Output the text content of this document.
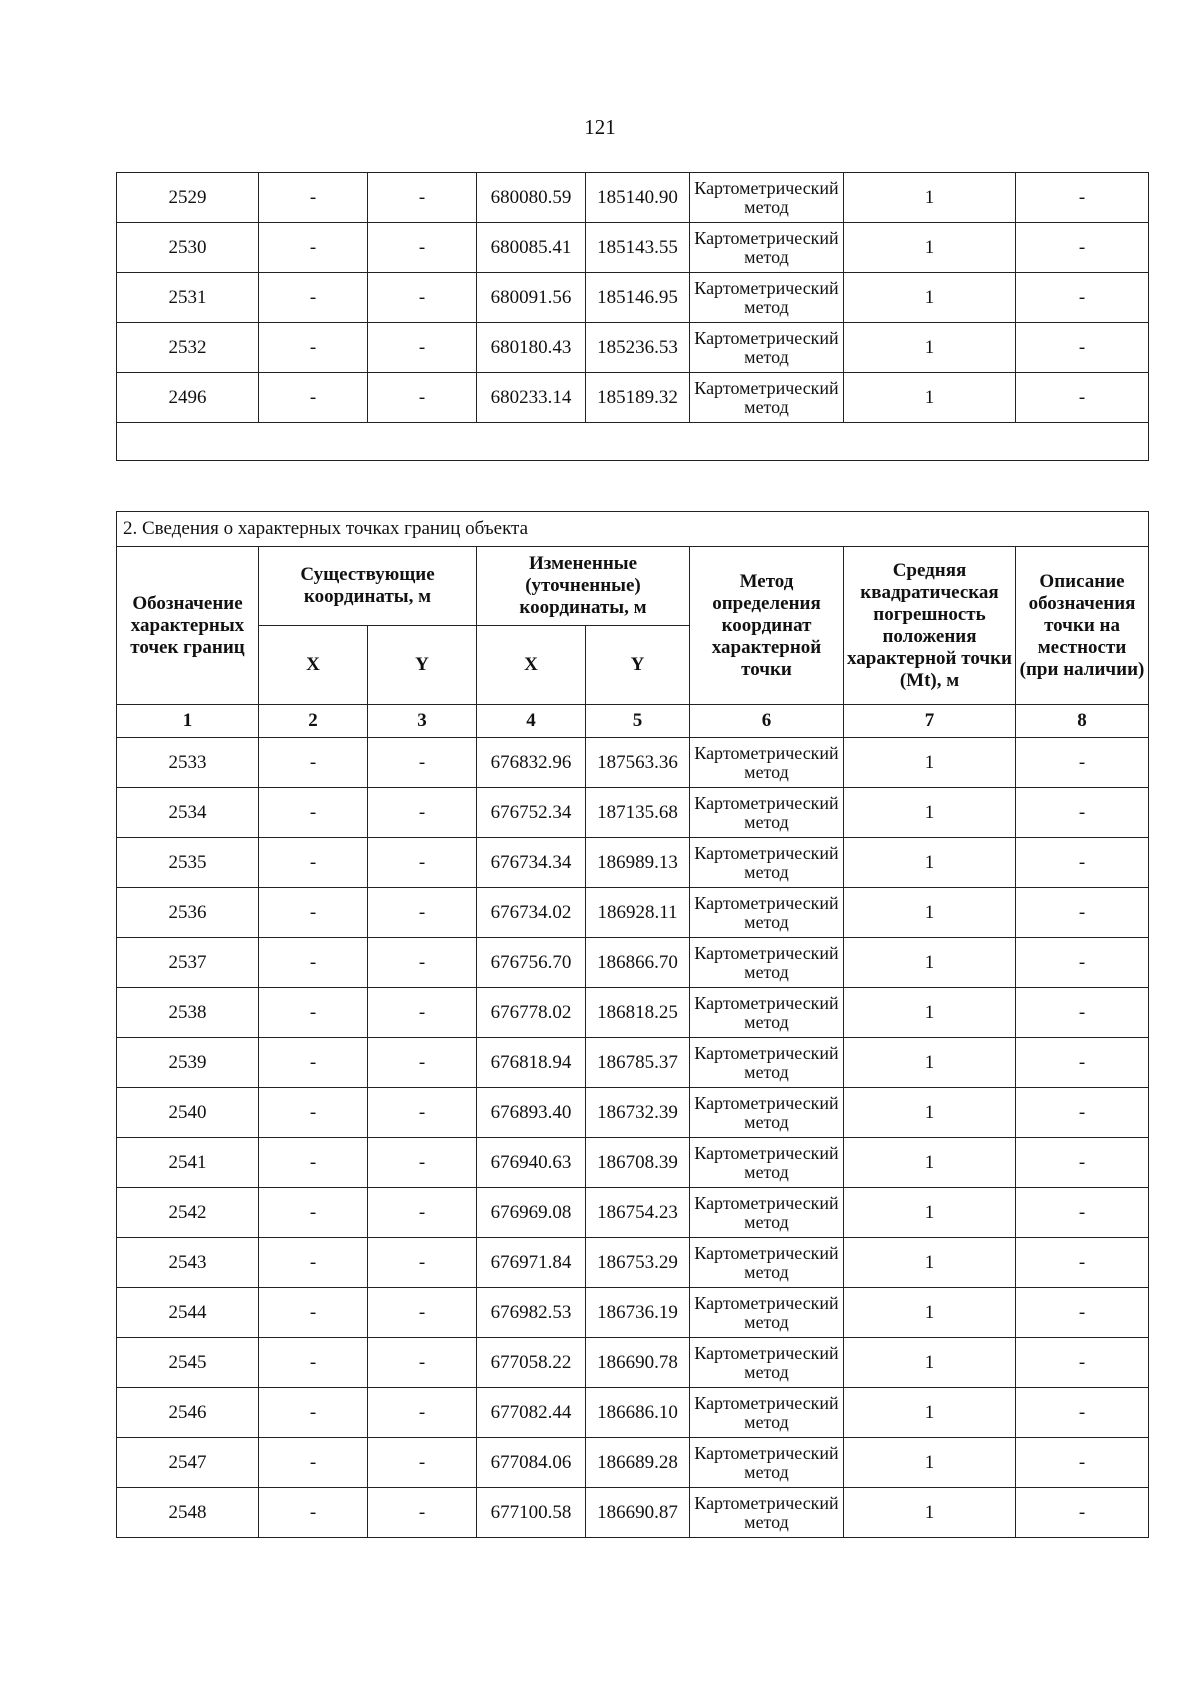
121
2529	-	-	680080.59	185140.90	Картометрический метод	1	-
2530	-	-	680085.41	185143.55	Картометрический метод	1	-
2531	-	-	680091.56	185146.95	Картометрический метод	1	-
2532	-	-	680180.43	185236.53	Картометрический метод	1	-
2496	-	-	680233.14	185189.32	Картометрический метод	1	-

2. Сведения о характерных точках границ объекта							
Обозначение характерных точек границ	Существующие координаты, м		Измененные (уточненные) координаты, м		Метод определения координат характерной точки	Средняя квадратическая погрешность положения характерной точки (Mt), м	Описание обозначения точки на местности (при наличии)
	X	Y	X	Y			
1	2	3	4	5	6	7	8
2533	-	-	676832.96	187563.36	Картометрический метод	1	-
2534	-	-	676752.34	187135.68	Картометрический метод	1	-
2535	-	-	676734.34	186989.13	Картометрический метод	1	-
2536	-	-	676734.02	186928.11	Картометрический метод	1	-
2537	-	-	676756.70	186866.70	Картометрический метод	1	-
2538	-	-	676778.02	186818.25	Картометрический метод	1	-
2539	-	-	676818.94	186785.37	Картометрический метод	1	-
2540	-	-	676893.40	186732.39	Картометрический метод	1	-
2541	-	-	676940.63	186708.39	Картометрический метод	1	-
2542	-	-	676969.08	186754.23	Картометрический метод	1	-
2543	-	-	676971.84	186753.29	Картометрический метод	1	-
2544	-	-	676982.53	186736.19	Картометрический метод	1	-
2545	-	-	677058.22	186690.78	Картометрический метод	1	-
2546	-	-	677082.44	186686.10	Картометрический метод	1	-
2547	-	-	677084.06	186689.28	Картометрический метод	1	-
2548	-	-	677100.58	186690.87	Картометрический метод	1	-
